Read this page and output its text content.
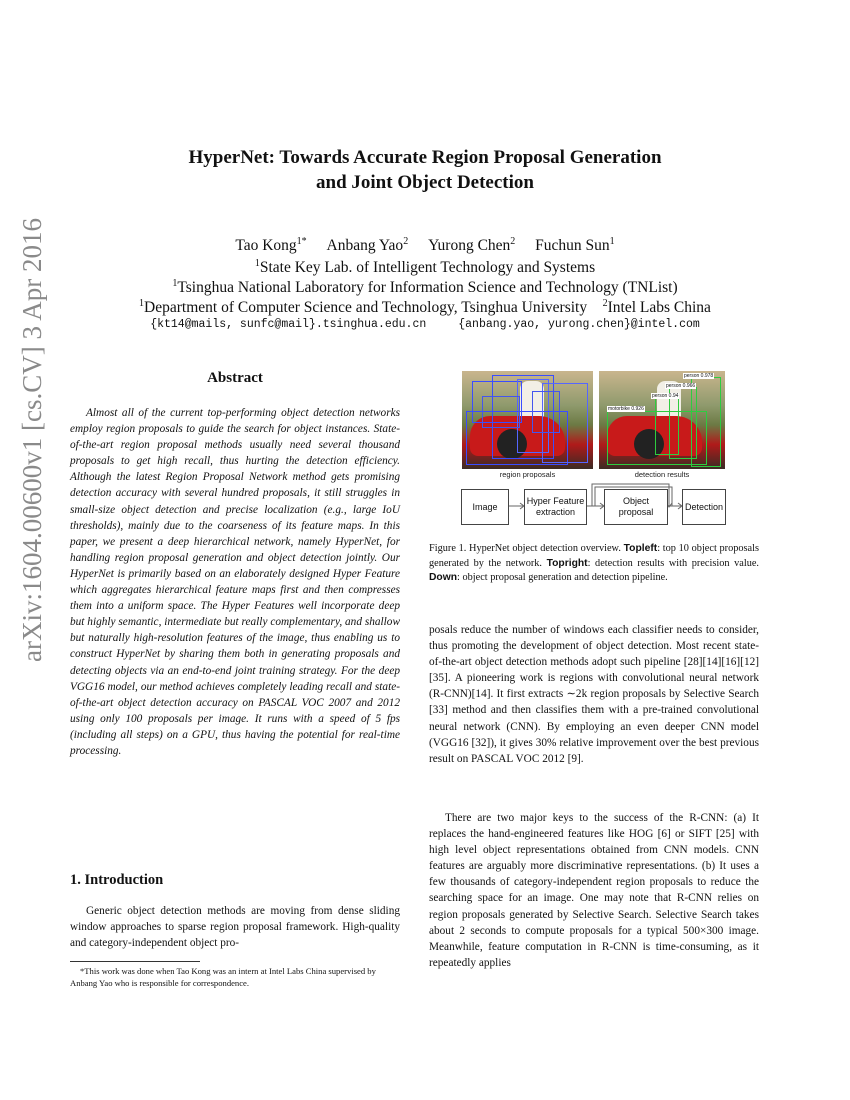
arXiv:1604.00600v1 [cs.CV] 3 Apr 2016
HyperNet: Towards Accurate Region Proposal Generation
and Joint Object Detection
Tao Kong$^{1*}$ Anbang Yao$^2$ Yurong Chen$^2$ Fuchun Sun$^1$
$^1$State Key Lab. of Intelligent Technology and Systems
$^1$Tsinghua National Laboratory for Information Science and Technology (TNList)
$^1$Department of Computer Science and Technology, Tsinghua University $^2$Intel Labs China
{kt14@mails, sunfc@mail}.tsinghua.edu.cn	{anbang.yao, yurong.chen}@intel.com
Abstract
Almost all of the current top-performing object detection networks employ region proposals to guide the search for object instances. State-of-the-art region proposal methods usually need several thousand proposals to get high recall, thus hurting the detection efficiency. Although the latest Region Proposal Network method gets promising detection accuracy with several hundred proposals, it still struggles in small-size object detection and precise localization (e.g., large IoU thresholds), mainly due to the coarseness of its feature maps. In this paper, we present a deep hierarchical network, namely HyperNet, for handling region proposal generation and object detection jointly. Our HyperNet is primarily based on an elaborately designed Hyper Feature which aggregates hierarchical feature maps first and then compresses them into a uniform space. The Hyper Features well incorporate deep but highly semantic, intermediate but really complementary, and shallow but naturally high-resolution features of the image, thus enabling us to construct HyperNet by sharing them both in generating proposals and detecting objects via an end-to-end joint training strategy. For the deep VGG16 model, our method achieves completely leading recall and state-of-the-art object detection accuracy on PASCAL VOC 2007 and 2012 using only 100 proposals per image. It runs with a speed of 5 fps (including all steps) on a GPU, thus having the potential for real-time processing.
1. Introduction
Generic object detection methods are moving from dense sliding window approaches to sparse region proposal framework. High-quality and category-independent object pro-
*This work was done when Tao Kong was an intern at Intel Labs China supervised by Anbang Yao who is responsible for correspondence.
region proposals
person 0.978
person 0.966
person 0.94
motorbike 0.926
detection results
Image
Hyper Feature extraction
Object proposal
Detection
Figure 1. HyperNet object detection overview. Topleft: top 10 object proposals generated by the network. Topright: detection results with precision value. Down: object proposal generation and detection pipeline.
posals reduce the number of windows each classifier needs to consider, thus promoting the development of object detection. Most recent state-of-the-art object detection methods adopt such pipeline [28][14][16][12][35]. A pioneering work is regions with convolutional neural network (R-CNN)[14]. It first extracts ∼2k region proposals by Selective Search [33] method and then classifies them with a pre-trained convolutional neural network (CNN). By employing an even deeper CNN model (VGG16 [32]), it gives 30% relative improvement over the best previous result on PASCAL VOC 2012 [9].
There are two major keys to the success of the R-CNN: (a) It replaces the hand-engineered features like HOG [6] or SIFT [25] with high level object representations obtained from CNN models. CNN features are arguably more discriminative representations. (b) It uses a few thousands of category-independent region proposals to reduce the searching space for an image. One may note that R-CNN relies on region proposals generated by Selective Search. Selective Search takes about 2 seconds to compute proposals for a typical 500×300 image. Meanwhile, feature computation in R-CNN is time-consuming, as it repeatedly applies
